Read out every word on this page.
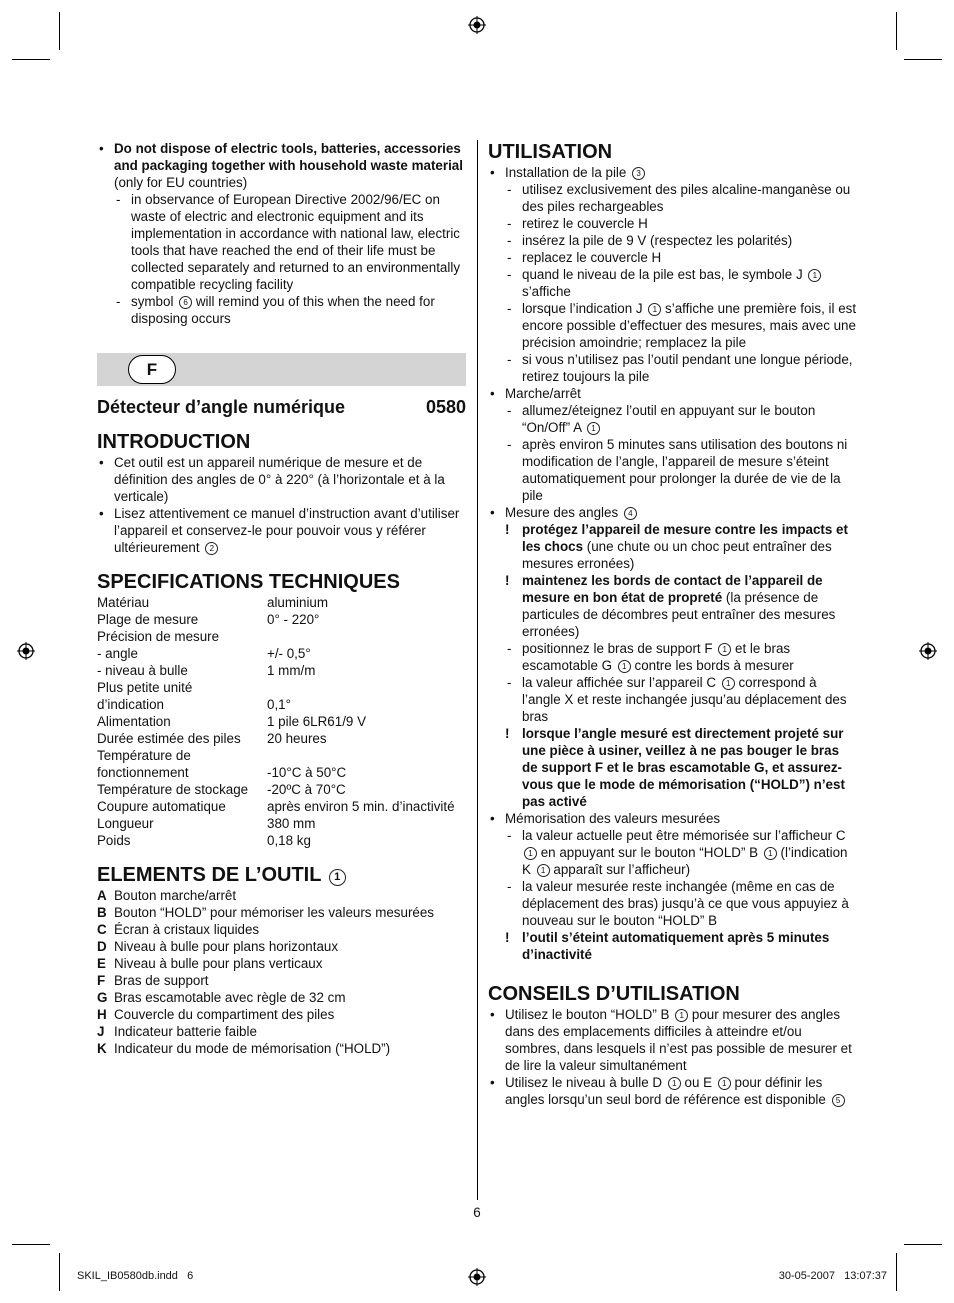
• Do not dispose of electric tools, batteries, accessories and packaging together with household waste material (only for EU countries)
- in observance of European Directive 2002/96/EC on waste of electric and electronic equipment and its implementation in accordance with national law, electric tools that have reached the end of their life must be collected separately and returned to an environmentally compatible recycling facility
- symbol 6 will remind you of this when the need for disposing occurs
F
Détecteur d’angle numérique	0580
INTRODUCTION
• Cet outil est un appareil numérique de mesure et de définition des angles de 0° à 220° (à l’horizontale et à la verticale)
• Lisez attentivement ce manuel d’instruction avant d’utiliser l’appareil et conservez-le pour pouvoir vous y référer ultérieurement 2
SPECIFICATIONS TECHNIQUES
Matériau	aluminium
Plage de mesure	0° - 220°
Précision de mesure
- angle	+/- 0,5°
- niveau à bulle	1 mm/m
Plus petite unité
d’indication	0,1°
Alimentation	1 pile 6LR61/9 V
Durée estimée des piles	20 heures
Température de
fonctionnement	-10°C à 50°C
Température de stockage	-20ºC à 70°C
Coupure automatique	après environ 5 min. d’inactivité
Longueur	380 mm
Poids	0,18 kg
ELEMENTS DE L’OUTIL 1
A Bouton marche/arrêt
B Bouton “HOLD” pour mémoriser les valeurs mesurées
C Écran à cristaux liquides
D Niveau à bulle pour plans horizontaux
E Niveau à bulle pour plans verticaux
F Bras de support
G Bras escamotable avec règle de 32 cm
H Couvercle du compartiment des piles
J Indicateur batterie faible
K Indicateur du mode de mémorisation (“HOLD”)
UTILISATION
• Installation de la pile 3
- utilisez exclusivement des piles alcaline-manganèse ou des piles rechargeables
- retirez le couvercle H
- insérez la pile de 9 V (respectez les polarités)
- replacez le couvercle H
- quand le niveau de la pile est bas, le symbole J 1 s’affiche
- lorsque l’indication J 1 s’affiche une première fois, il est encore possible d’effectuer des mesures, mais avec une précision amoindrie; remplacez la pile
- si vous n’utilisez pas l’outil pendant une longue période, retirez toujours la pile
• Marche/arrêt
- allumez/éteignez l’outil en appuyant sur le bouton “On/Off” A 1
- après environ 5 minutes sans utilisation des boutons ni modification de l’angle, l’appareil de mesure s’éteint automatiquement pour prolonger la durée de vie de la pile
• Mesure des angles 4
! protégez l’appareil de mesure contre les impacts et les chocs (une chute ou un choc peut entraîner des mesures erronées)
! maintenez les bords de contact de l’appareil de mesure en bon état de propreté (la présence de particules de décombres peut entraîner des mesures erronées)
- positionnez le bras de support F 1 et le bras escamotable G 1 contre les bords à mesurer
- la valeur affichée sur l’appareil C 1 correspond à l’angle X et reste inchangée jusqu’au déplacement des bras
! lorsque l’angle mesuré est directement projeté sur une pièce à usiner, veillez à ne pas bouger le bras de support F et le bras escamotable G, et assurez-vous que le mode de mémorisation (“HOLD”) n’est pas activé
• Mémorisation des valeurs mesurées
- la valeur actuelle peut être mémorisée sur l’afficheur C 1 en appuyant sur le bouton “HOLD” B 1 (l’indication K 1 apparaît sur l’afficheur)
- la valeur mesurée reste inchangée (même en cas de déplacement des bras) jusqu’à ce que vous appuyiez à nouveau sur le bouton “HOLD” B
! l’outil s’éteint automatiquement après 5 minutes d’inactivité
CONSEILS D’UTILISATION
• Utilisez le bouton “HOLD” B 1 pour mesurer des angles dans des emplacements difficiles à atteindre et/ou sombres, dans lesquels il n’est pas possible de mesurer et de lire la valeur simultanément
• Utilisez le niveau à bulle D 1 ou E 1 pour définir les angles lorsqu’un seul bord de référence est disponible 5
6
SKIL_IB0580db.indd   6	30-05-2007   13:07:37
